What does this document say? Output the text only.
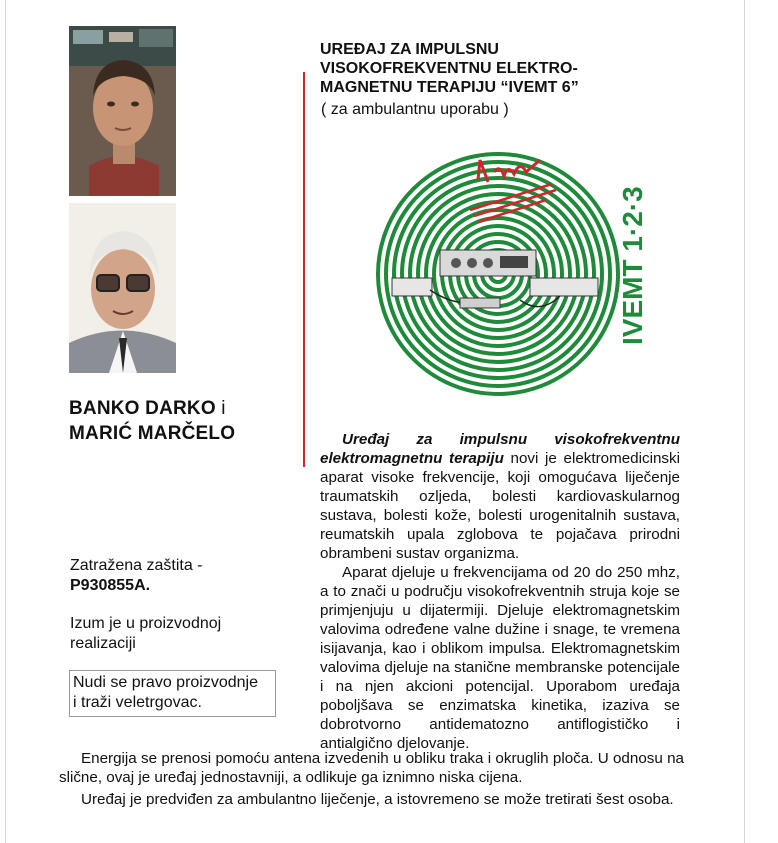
BANKO DARKO i
MARIĆ MARČELO
Zatražena zaštita -
P930855A.
Izum je u proizvodnoj
realizaciji
Nudi se pravo proizvodnje
i traži veletrgovac.
UREĐAJ ZA IMPULSNU
VISOKOFREKVENTNU ELEKTRO-
MAGNETNU TERAPIJU “IVEMT 6”
( za ambulantnu uporabu )
IVEMT 1·2·3

Uređaj za impulsnu visokofrekventnu elektromagnetnu terapiju novi je elektromedicinski aparat visoke frekvencije, koji omogućava liječenje traumatskih ozljeda, bolesti kardiovaskularnog sustava, bolesti kože, bolesti urogenitalnih sustava, reumatskih upala zglobova te pojačava prirodni obrambeni sustav organizma.

Aparat djeluje u frekvencijama od 20 do 250 mhz, a to znači u području visokofrekventnih struja koje se primjenjuju u dijatermiji. Djeluje elektromagnetskim valovima određene valne dužine i snage, te vremena isijavanja, kao i oblikom impulsa. Elektromagnetskim valovima djeluje na stanične membranske potencijale i na njen akcioni potencijal. Uporabom uređaja poboljšava se enzimatska kinetika, izaziva se dobrotvorno antidematozno antiflogističko i antialgično djelovanje.

Energija se prenosi pomoću antena izvedenih u obliku traka i okruglih ploča. U odnosu na slične, ovaj je uređaj jednostavniji, a odlikuje ga iznimno niska cijena.

Uređaj je predviđen za ambulantno liječenje, a istovremeno se može tretirati šest osoba.
